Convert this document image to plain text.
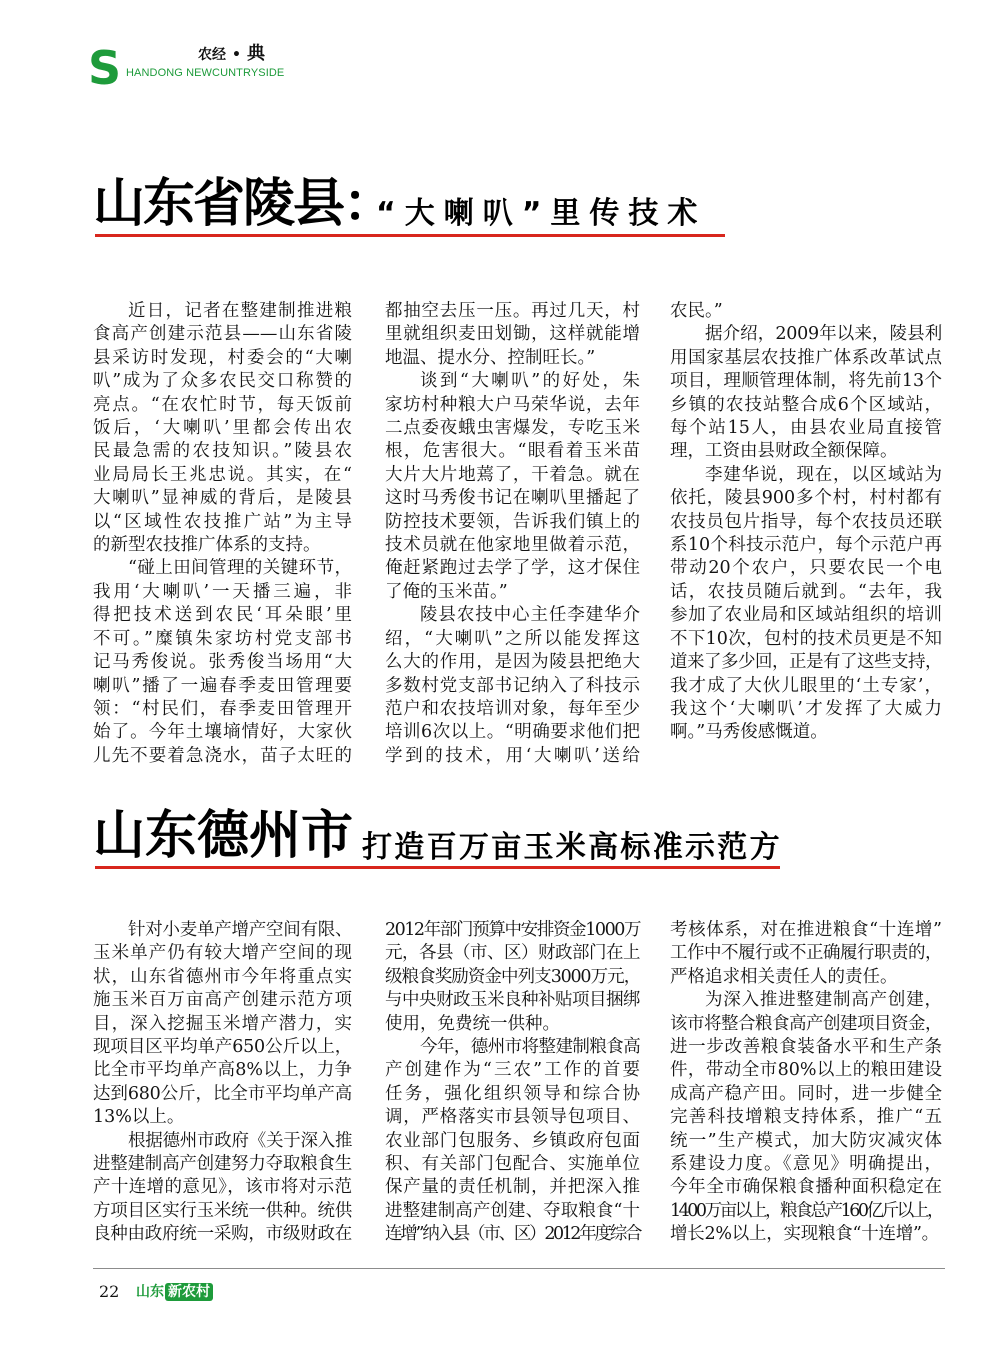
S HANDONG NEWCUNTRYSIDE
农经 • 典
山东省陵县：
“大喇叭”里传技术
近日，记者在整建制推进粮
食高产创建示范县——山东省陵
县采访时发现，村委会的“大喇
叭”成为了众多农民交口称赞的
亮点。“在农忙时节，每天饭前
饭后，‘大喇叭’里都会传出农
民最急需的农技知识。”陵县农
业局局长王兆忠说。其实，在“
大喇叭”显神威的背后，是陵县
以“区域性农技推广站”为主导
的新型农技推广体系的支持。
“碰上田间管理的关键环节，
我用‘大喇叭’一天播三遍，非
得把技术送到农民‘耳朵眼’里
不可。”糜镇朱家坊村党支部书
记马秀俊说。张秀俊当场用“大
喇叭”播了一遍春季麦田管理要
领：“村民们，春季麦田管理开
始了。今年土壤墒情好，大家伙
儿先不要着急浇水，苗子太旺的
都抽空去压一压。再过几天，村
里就组织麦田划锄，这样就能增
地温、提水分、控制旺长。”
谈到“大喇叭”的好处，朱
家坊村种粮大户马荣华说，去年
二点委夜蛾虫害爆发，专吃玉米
根，危害很大。“眼看着玉米苗
大片大片地蔫了，干着急。就在
这时马秀俊书记在喇叭里播起了
防控技术要领，告诉我们镇上的
技术员就在他家地里做着示范，
俺赶紧跑过去学了学，这才保住
了俺的玉米苗。”
陵县农技中心主任李建华介
绍，“大喇叭”之所以能发挥这
么大的作用，是因为陵县把绝大
多数村党支部书记纳入了科技示
范户和农技培训对象，每年至少
培训6次以上。“明确要求他们把
学到的技术，用‘大喇叭’送给
农民。”
据介绍，2009年以来，陵县利
用国家基层农技推广体系改革试点
项目，理顺管理体制，将先前13个
乡镇的农技站整合成6个区域站，
每个站15人，由县农业局直接管
理，工资由县财政全额保障。
李建华说，现在，以区域站为
依托，陵县900多个村，村村都有
农技员包片指导，每个农技员还联
系10个科技示范户，每个示范户再
带动20个农户，只要农民一个电
话，农技员随后就到。“去年，我
参加了农业局和区域站组织的培训
不下10次，包村的技术员更是不知
道来了多少回，正是有了这些支持，
我才成了大伙儿眼里的‘土专家’，
我这个‘大喇叭’才发挥了大威力
啊。”马秀俊感慨道。
山东德州市 打造百万亩玉米高标准示范方
针对小麦单产增产空间有限、
玉米单产仍有较大增产空间的现
状，山东省德州市今年将重点实
施玉米百万亩高产创建示范方项
目，深入挖掘玉米增产潜力，实
现项目区平均单产650公斤以上，
比全市平均单产高8%以上，力争
达到680公斤，比全市平均单产高
13%以上。
根据德州市政府《关于深入推
进整建制高产创建努力夺取粮食生
产十连增的意见》，该市将对示范
方项目区实行玉米统一供种。统供
良种由政府统一采购，市级财政在
2012年部门预算中安排资金1000万
元，各县（市、区）财政部门在上
级粮食奖励资金中列支3000万元，
与中央财政玉米良种补贴项目捆绑
使用，免费统一供种。
今年，德州市将整建制粮食高
产创建作为“三农”工作的首要
任务，强化组织领导和综合协
调，严格落实市县领导包项目、
农业部门包服务、乡镇政府包面
积、有关部门包配合、实施单位
保产量的责任机制，并把深入推
进整建制高产创建、夺取粮食“十
连增”纳入县（市、区）2012年度综合
考核体系，对在推进粮食“十连增”
工作中不履行或不正确履行职责的，
严格追求相关责任人的责任。
为深入推进整建制高产创建，
该市将整合粮食高产创建项目资金，
进一步改善粮食装备水平和生产条
件，带动全市80%以上的粮田建设
成高产稳产田。同时，进一步健全
完善科技增粮支持体系，推广“五
统一”生产模式，加大防灾减灾体
系建设力度。《意见》明确提出，
今年全市确保粮食播种面积稳定在
1400万亩以上，粮食总产160亿斤以上，
增长2%以上，实现粮食“十连增”。
22 山东 新农村
